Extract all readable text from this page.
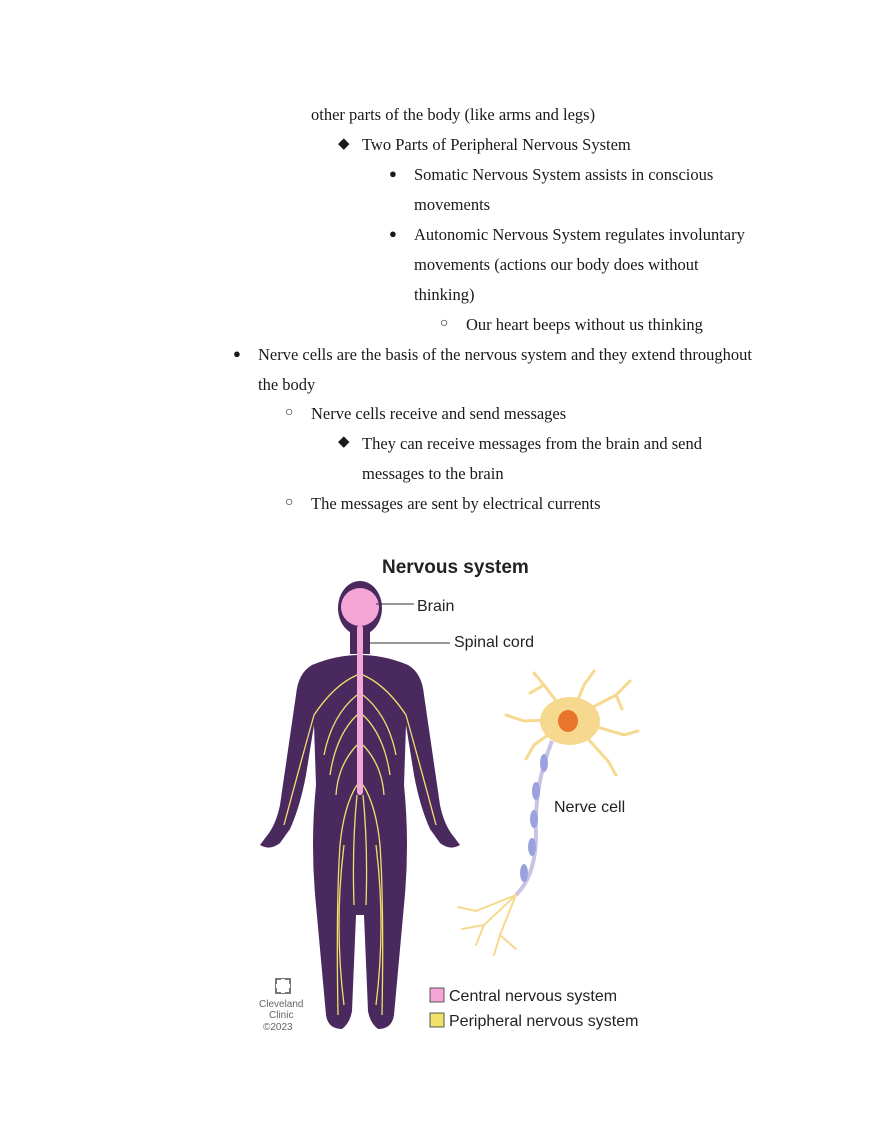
other parts of the body (like arms and legs)
◆ Two Parts of Peripheral Nervous System
● Somatic Nervous System assists in conscious
movements
● Autonomic Nervous System regulates involuntary
movements (actions our body does without
thinking)
○ Our heart beeps without us thinking
● Nerve cells are the basis of the nervous system and they extend throughout
the body
○ Nerve cells receive and send messages
◆ They can receive messages from the brain and send
messages to the brain
○ The messages are sent by electrical currents
Nervous system
Brain
Spinal cord
Nerve cell
Central nervous system
Peripheral nervous system
Cleveland
Clinic
©2023
